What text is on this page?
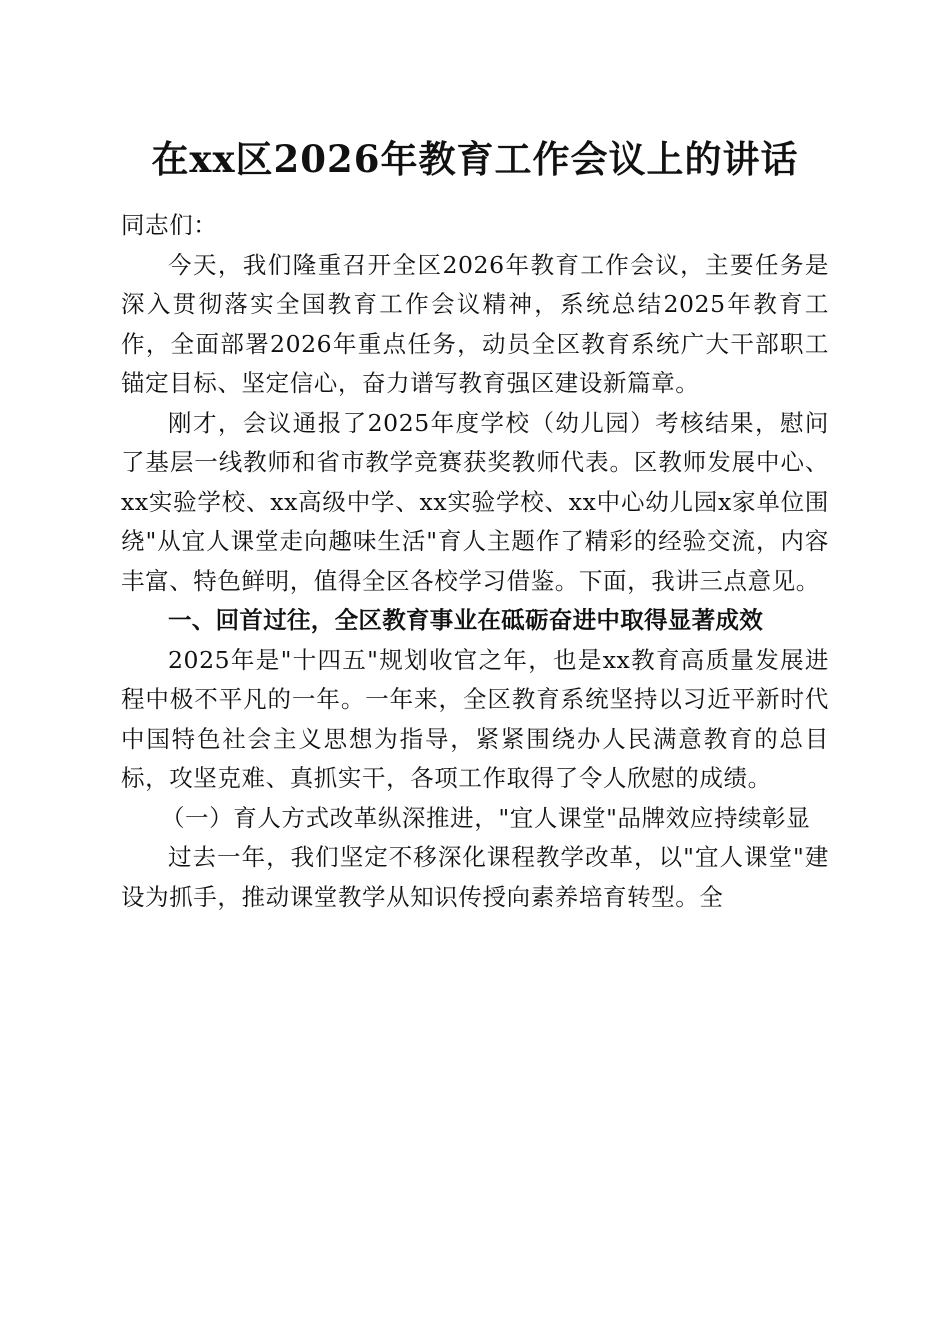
在xx区2026年教育工作会议上的讲话

同志们：

今天，我们隆重召开全区2026年教育工作会议，主要任务是深入贯彻落实全国教育工作会议精神，系统总结2025年教育工作，全面部署2026年重点任务，动员全区教育系统广大干部职工锚定目标、坚定信心，奋力谱写教育强区建设新篇章。

刚才，会议通报了2025年度学校（幼儿园）考核结果，慰问了基层一线教师和省市教学竞赛获奖教师代表。区教师发展中心、xx实验学校、xx高级中学、xx实验学校、xx中心幼儿园x家单位围绕"从宜人课堂走向趣味生活"育人主题作了精彩的经验交流，内容丰富、特色鲜明，值得全区各校学习借鉴。下面，我讲三点意见。

一、回首过往，全区教育事业在砥砺奋进中取得显著成效

2025年是"十四五"规划收官之年，也是xx教育高质量发展进程中极不平凡的一年。一年来，全区教育系统坚持以习近平新时代中国特色社会主义思想为指导，紧紧围绕办人民满意教育的总目标，攻坚克难、真抓实干，各项工作取得了令人欣慰的成绩。

（一）育人方式改革纵深推进，"宜人课堂"品牌效应持续彰显

过去一年，我们坚定不移深化课程教学改革，以"宜人课堂"建设为抓手，推动课堂教学从知识传授向素养培育转型。全
